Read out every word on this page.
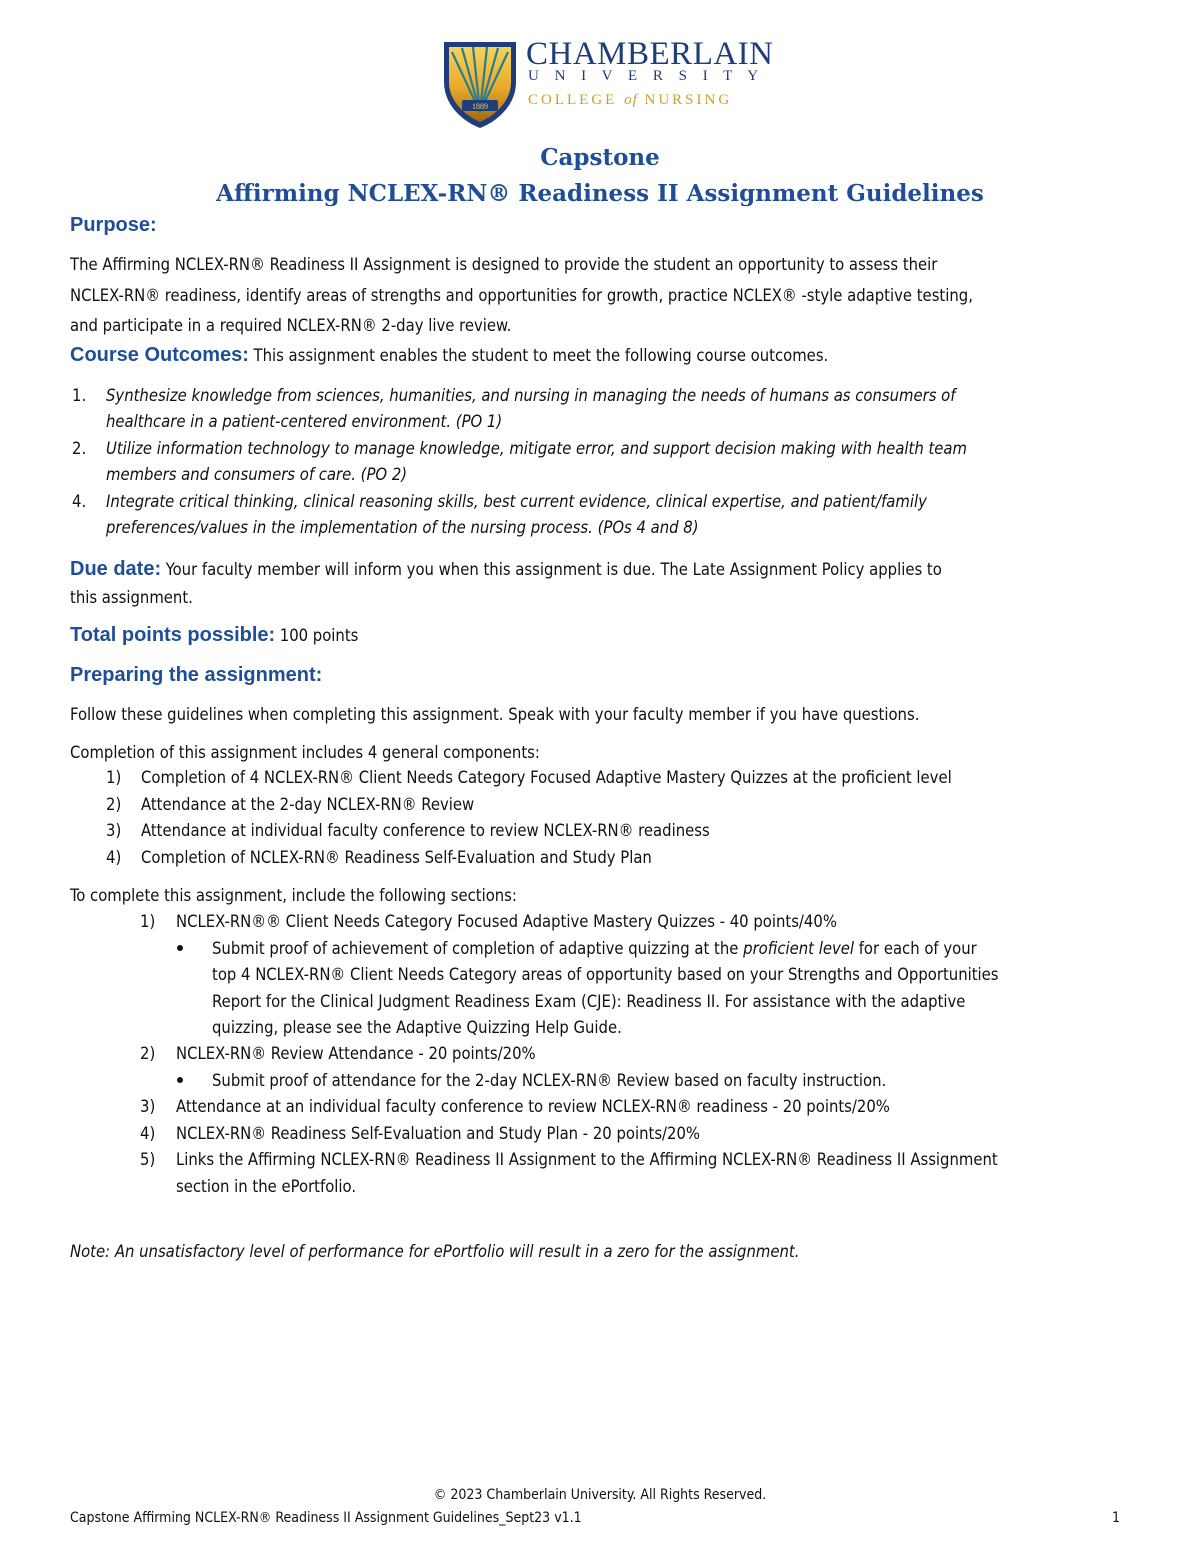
1889
CHAMBERLAIN
U N I V E R S I T Y
COLLEGE of NURSING
Capstone
Affirming NCLEX-RN® Readiness II Assignment Guidelines
Purpose:
The Affirming NCLEX-RN® Readiness II Assignment is designed to provide the student an opportunity to assess their
NCLEX-RN® readiness, identify areas of strengths and opportunities for growth, practice NCLEX® -style adaptive testing,
and participate in a required NCLEX-RN® 2-day live review.
Course Outcomes: This assignment enables the student to meet the following course outcomes.
1. Synthesize knowledge from sciences, humanities, and nursing in managing the needs of humans as consumers of
healthcare in a patient-centered environment. (PO 1)
2. Utilize information technology to manage knowledge, mitigate error, and support decision making with health team
members and consumers of care. (PO 2)
4. Integrate critical thinking, clinical reasoning skills, best current evidence, clinical expertise, and patient/family
preferences/values in the implementation of the nursing process. (POs 4 and 8)
Due date: Your faculty member will inform you when this assignment is due. The Late Assignment Policy applies to
this assignment.
Total points possible: 100 points
Preparing the assignment:
Follow these guidelines when completing this assignment. Speak with your faculty member if you have questions.
Completion of this assignment includes 4 general components:
1) Completion of 4 NCLEX-RN® Client Needs Category Focused Adaptive Mastery Quizzes at the proficient level
2) Attendance at the 2-day NCLEX-RN® Review
3) Attendance at individual faculty conference to review NCLEX-RN® readiness
4) Completion of NCLEX-RN® Readiness Self-Evaluation and Study Plan
To complete this assignment, include the following sections:
1) NCLEX-RN®® Client Needs Category Focused Adaptive Mastery Quizzes - 40 points/40%
Submit proof of achievement of completion of adaptive quizzing at the proficient level for each of your
top 4 NCLEX-RN® Client Needs Category areas of opportunity based on your Strengths and Opportunities
Report for the Clinical Judgment Readiness Exam (CJE): Readiness II. For assistance with the adaptive
quizzing, please see the Adaptive Quizzing Help Guide.
2) NCLEX-RN® Review Attendance - 20 points/20%
Submit proof of attendance for the 2-day NCLEX-RN® Review based on faculty instruction.
3) Attendance at an individual faculty conference to review NCLEX-RN® readiness - 20 points/20%
4) NCLEX-RN® Readiness Self-Evaluation and Study Plan - 20 points/20%
5) Links the Affirming NCLEX-RN® Readiness II Assignment to the Affirming NCLEX-RN® Readiness II Assignment
section in the ePortfolio.
Note: An unsatisfactory level of performance for ePortfolio will result in a zero for the assignment.
© 2023 Chamberlain University. All Rights Reserved.
Capstone Affirming NCLEX-RN® Readiness II Assignment Guidelines_Sept23 v1.1	1
